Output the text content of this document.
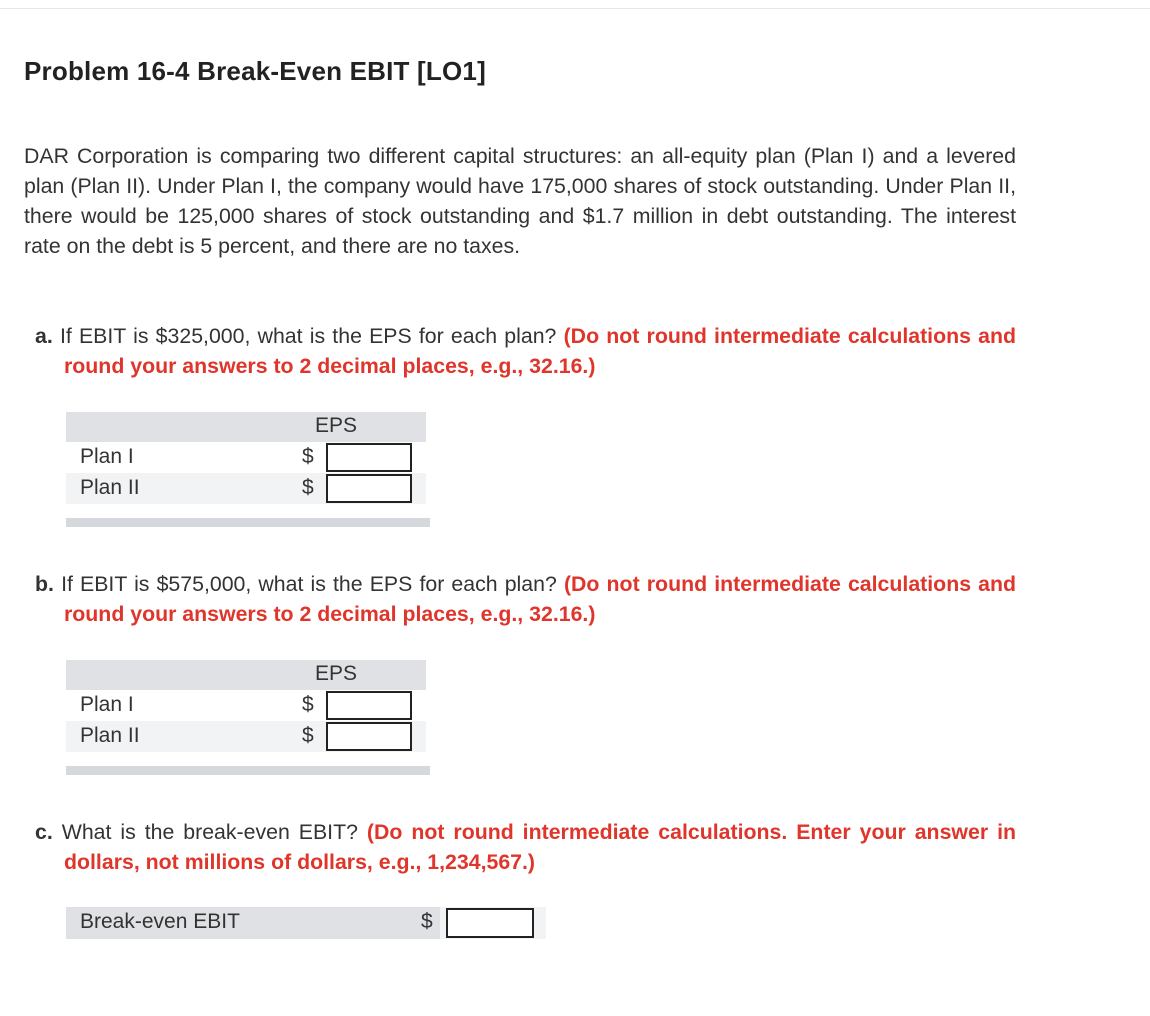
Problem 16-4 Break-Even EBIT [LO1]
DAR Corporation is comparing two different capital structures: an all-equity plan (Plan I) and a levered plan (Plan II). Under Plan I, the company would have 175,000 shares of stock outstanding. Under Plan II, there would be 125,000 shares of stock outstanding and $1.7 million in debt outstanding. The interest rate on the debt is 5 percent, and there are no taxes.
a. If EBIT is $325,000, what is the EPS for each plan? (Do not round intermediate calculations and round your answers to 2 decimal places, e.g., 32.16.)
EPS
Plan I	$
Plan II	$
b. If EBIT is $575,000, what is the EPS for each plan? (Do not round intermediate calculations and round your answers to 2 decimal places, e.g., 32.16.)
EPS
Plan I	$
Plan II	$
c. What is the break-even EBIT? (Do not round intermediate calculations. Enter your answer in dollars, not millions of dollars, e.g., 1,234,567.)
Break-even EBIT	$
